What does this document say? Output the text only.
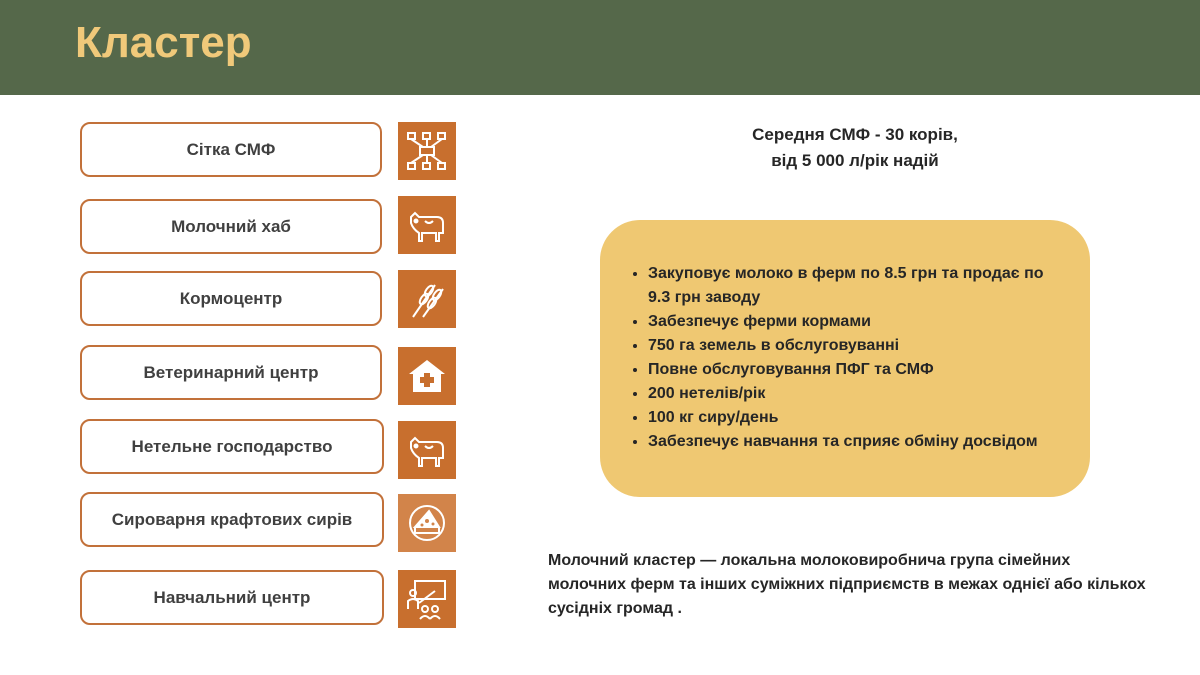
Кластер
Сітка СМФ
Молочний хаб
Кормоцентр
Ветеринарний центр
Нетельне господарство
Сироварня крафтових сирів
Навчальний центр
Середня СМФ - 30 корів,
від 5 000 л/рік надій
• Закуповує молоко в ферм по 8.5 грн та продає по 9.3 грн заводу
• Забезпечує ферми кормами
• 750 га земель в обслуговуванні
• Повне обслуговування ПФГ та СМФ
• 200 нетелів/рік
• 100 кг сиру/день
• Забезпечує навчання та сприяє обміну досвідом
Молочний кластер — локальна молоковиробнича група сімейних молочних ферм та інших суміжних підприємств в межах однієї або кількох сусідніх громад .
